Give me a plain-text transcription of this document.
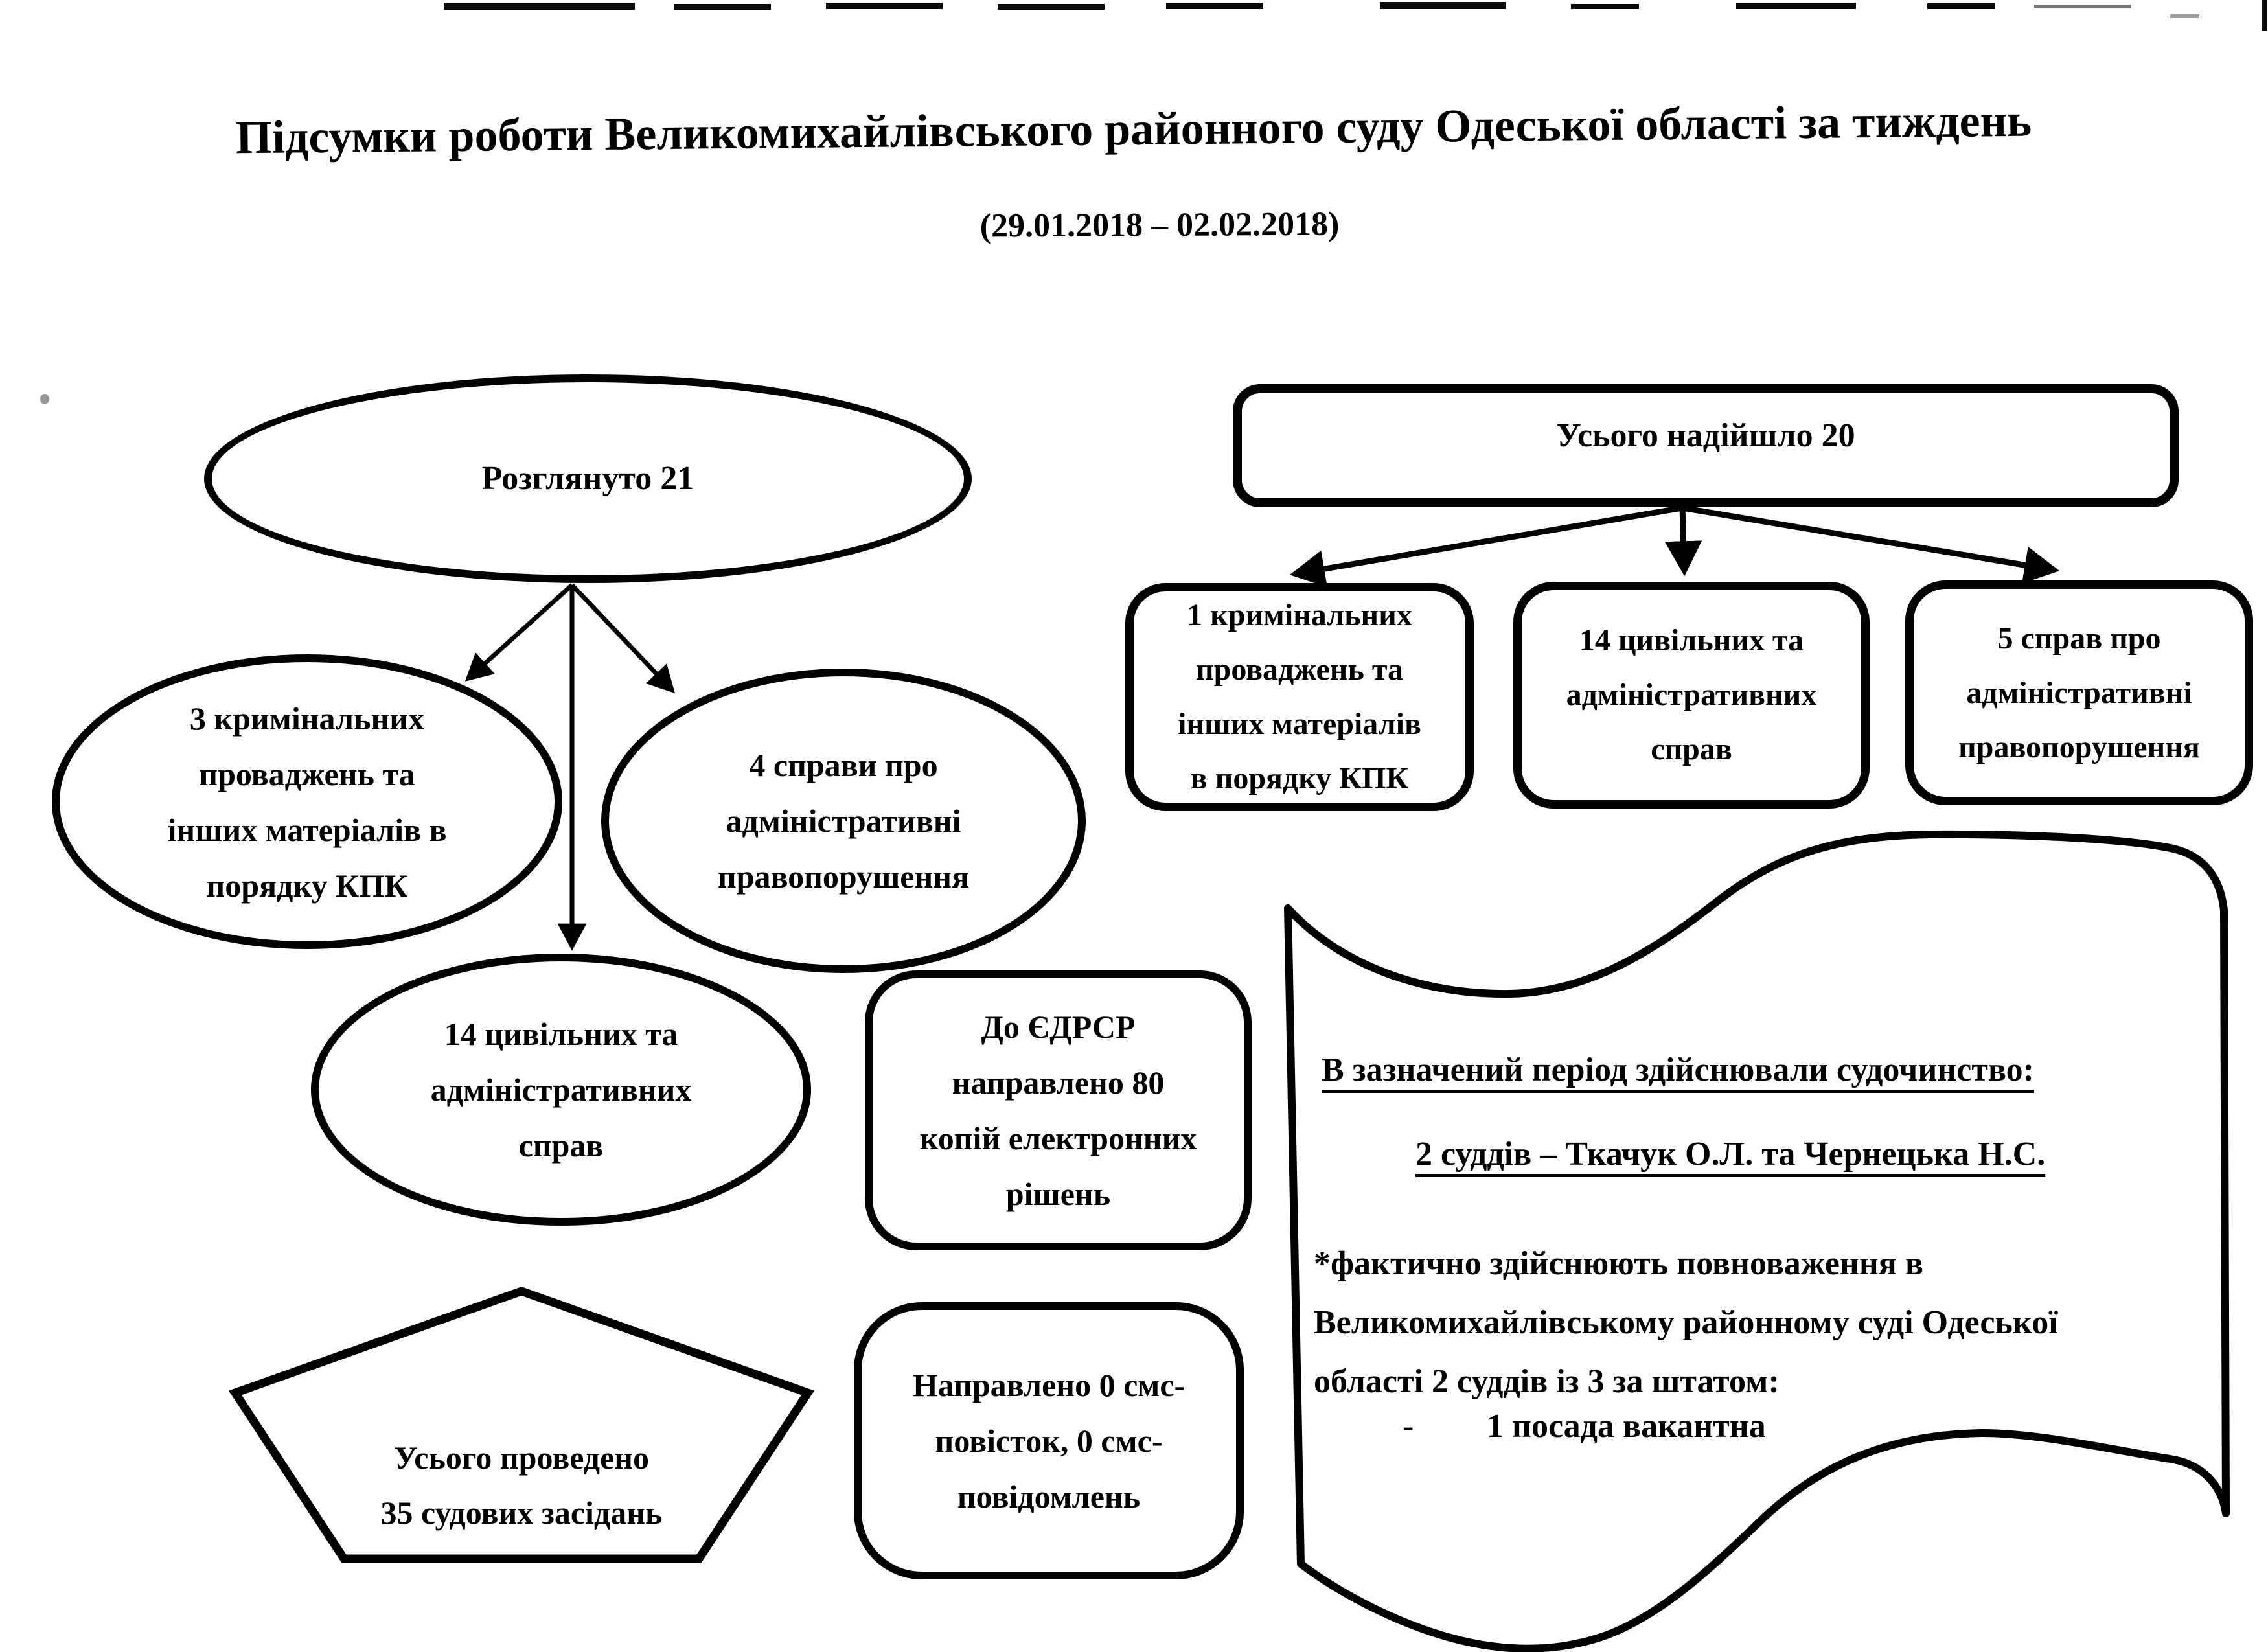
Підсумки роботи Великомихайлівського районного суду Одеської області за тиждень
(29.01.2018 – 02.02.2018)
Розглянуто 21
3 кримінальних
проваджень та
інших матеріалів в
порядку КПК
4 справи про
адміністративні
правопорушення
14 цивільних та
адміністративних
справ
До ЄДРСР
направлено 80
копій електронних
рішень
Направлено 0 смс-
повісток, 0 смс-
повідомлень
Усього проведено
35 судових засідань
Усього надійшло 20
1 кримінальних
проваджень та
інших матеріалів
в порядку КПК
14 цивільних та
адміністративних
справ
5 справ про
адміністративні
правопорушення
В зазначений період здійснювали судочинство:
2 суддів – Ткачук О.Л. та Чернецька Н.С.
*фактично здійснюють повноваження в
Великомихайлівському районному суді Одеської
області 2 суддів із 3 за штатом:
-	1 посада вакантна
